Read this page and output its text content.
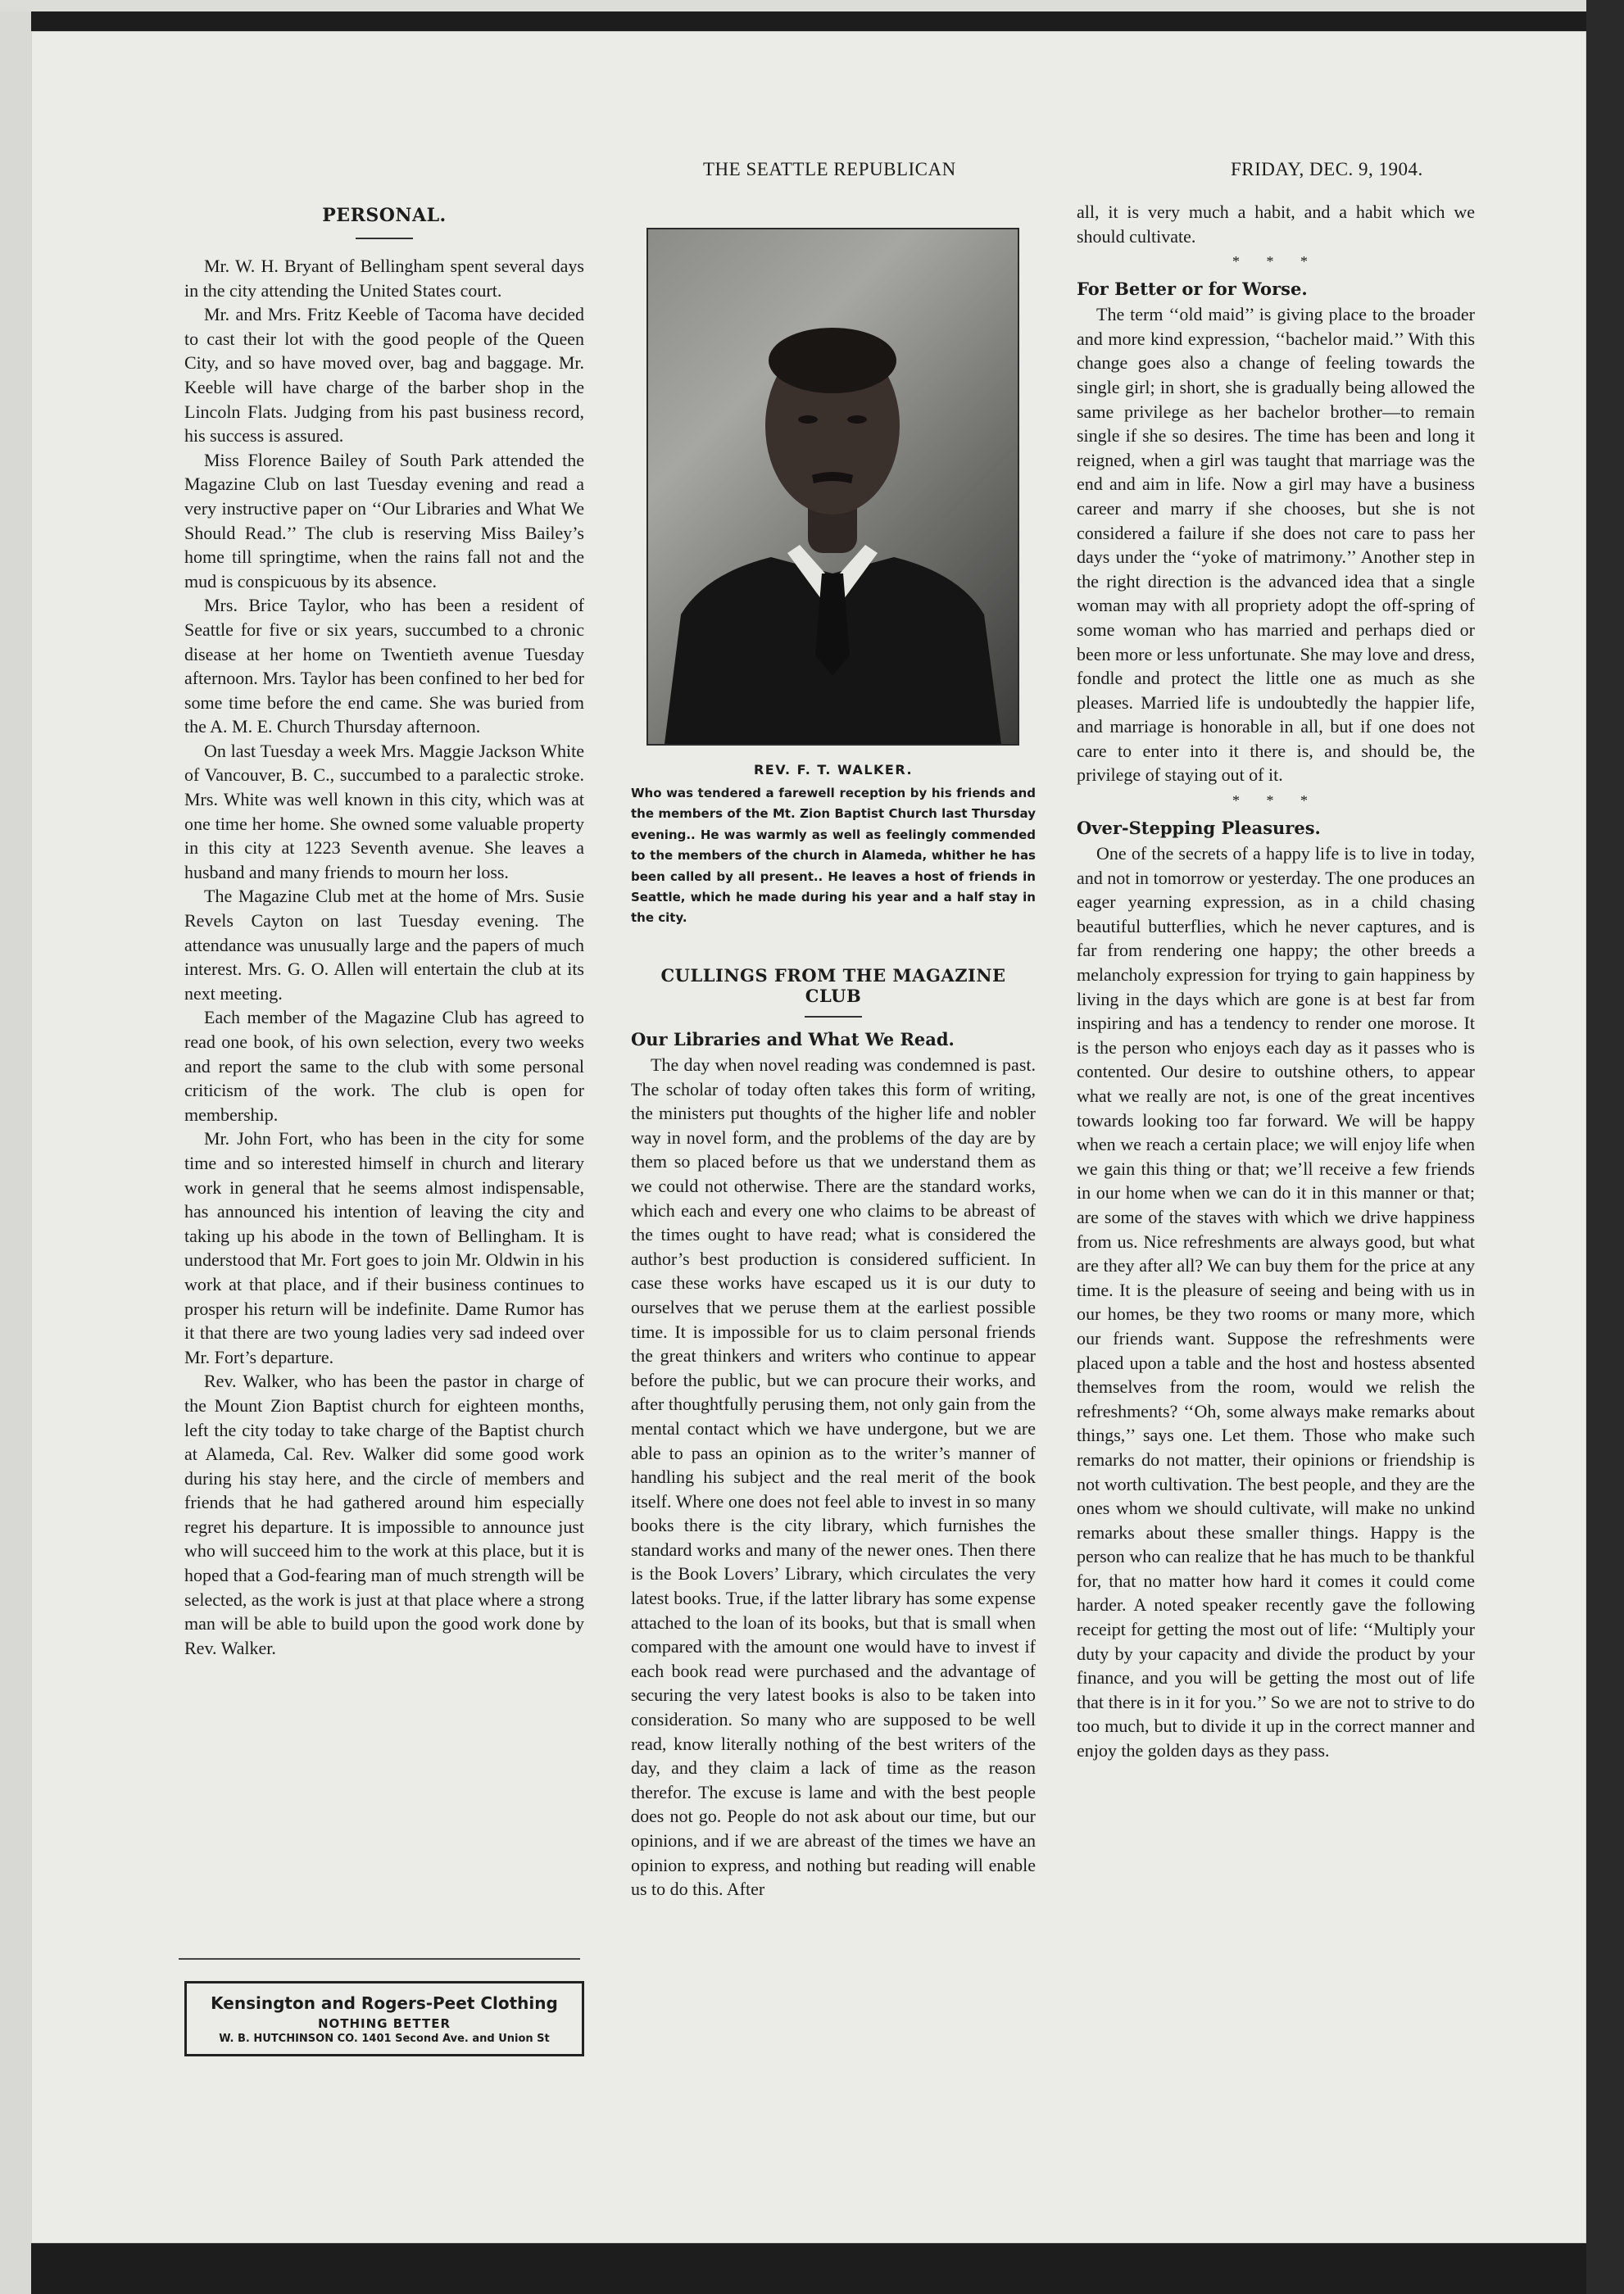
THE SEATTLE REPUBLICAN	FRIDAY, DEC. 9, 1904.
PERSONAL.

Mr. W. H. Bryant of Bellingham spent several days in the city attending the United States court.

Mr. and Mrs. Fritz Keeble of Tacoma have decided to cast their lot with the good people of the Queen City, and so have moved over, bag and baggage. Mr. Keeble will have charge of the barber shop in the Lincoln Flats. Judging from his past business record, his success is assured.

Miss Florence Bailey of South Park attended the Magazine Club on last Tuesday evening and read a very instructive paper on ‘‘Our Libraries and What We Should Read.’’ The club is reserving Miss Bailey’s home till springtime, when the rains fall not and the mud is conspicuous by its absence.

Mrs. Brice Taylor, who has been a resident of Seattle for five or six years, succumbed to a chronic disease at her home on Twentieth avenue Tuesday afternoon. Mrs. Taylor has been confined to her bed for some time before the end came. She was buried from the A. M. E. Church Thursday afternoon.

On last Tuesday a week Mrs. Maggie Jackson White of Vancouver, B. C., succumbed to a paralectic stroke. Mrs. White was well known in this city, which was at one time her home. She owned some valuable property in this city at 1223 Seventh avenue. She leaves a husband and many friends to mourn her loss.

The Magazine Club met at the home of Mrs. Susie Revels Cayton on last Tuesday evening. The attendance was unusually large and the papers of much interest. Mrs. G. O. Allen will entertain the club at its next meeting.

Each member of the Magazine Club has agreed to read one book, of his own selection, every two weeks and report the same to the club with some personal criticism of the work. The club is open for membership.

Mr. John Fort, who has been in the city for some time and so interested himself in church and literary work in general that he seems almost indispensable, has announced his intention of leaving the city and taking up his abode in the town of Bellingham. It is understood that Mr. Fort goes to join Mr. Oldwin in his work at that place, and if their business continues to prosper his return will be indefinite. Dame Rumor has it that there are two young ladies very sad indeed over Mr. Fort’s departure.

Rev. Walker, who has been the pastor in charge of the Mount Zion Baptist church for eighteen months, left the city today to take charge of the Baptist church at Alameda, Cal. Rev. Walker did some good work during his stay here, and the circle of members and friends that he had gathered around him especially regret his departure. It is impossible to announce just who will succeed him to the work at this place, but it is hoped that a God-fearing man of much strength will be selected, as the work is just at that place where a strong man will be able to build upon the good work done by Rev. Walker.

Kensington and Rogers-Peet Clothing
NOTHING BETTER
W. B. HUTCHINSON CO. 1401 Second Ave. and Union St
REV. F. T. WALKER.
Who was tendered a farewell reception by his friends and the members of the Mt. Zion Baptist Church last Thursday evening.. He was warmly as well as feelingly commended to the members of the church in Alameda, whither he has been called by all present.. He leaves a host of friends in Seattle, which he made during his year and a half stay in the city.
CULLINGS FROM THE MAGAZINE CLUB
Our Libraries and What We Read.

The day when novel reading was condemned is past. The scholar of today often takes this form of writing, the ministers put thoughts of the higher life and nobler way in novel form, and the problems of the day are by them so placed before us that we understand them as we could not otherwise. There are the standard works, which each and every one who claims to be abreast of the times ought to have read; what is considered the author’s best production is considered sufficient. In case these works have escaped us it is our duty to ourselves that we peruse them at the earliest possible time. It is impossible for us to claim personal friends the great thinkers and writers who continue to appear before the public, but we can procure their works, and after thoughtfully perusing them, not only gain from the mental contact which we have undergone, but we are able to pass an opinion as to the writer’s manner of handling his subject and the real merit of the book itself. Where one does not feel able to invest in so many books there is the city library, which furnishes the standard works and many of the newer ones. Then there is the Book Lovers’ Library, which circulates the very latest books. True, if the latter library has some expense attached to the loan of its books, but that is small when compared with the amount one would have to invest if each book read were purchased and the advantage of securing the very latest books is also to be taken into consideration. So many who are supposed to be well read, know literally nothing of the best writers of the day, and they claim a lack of time as the reason therefor. The excuse is lame and with the best people does not go. People do not ask about our time, but our opinions, and if we are abreast of the times we have an opinion to express, and nothing but reading will enable us to do this. After

all, it is very much a habit, and a habit which we should cultivate.

* * *
For Better or for Worse.

The term ‘‘old maid’’ is giving place to the broader and more kind expression, ‘‘bachelor maid.’’ With this change goes also a change of feeling towards the single girl; in short, she is gradually being allowed the same privilege as her bachelor brother—to remain single if she so desires. The time has been and long it reigned, when a girl was taught that marriage was the end and aim in life. Now a girl may have a business career and marry if she chooses, but she is not considered a failure if she does not care to pass her days under the ‘‘yoke of matrimony.’’ Another step in the right direction is the advanced idea that a single woman may with all propriety adopt the off-spring of some woman who has married and perhaps died or been more or less unfortunate. She may love and dress, fondle and protect the little one as much as she pleases. Married life is undoubtedly the happier life, and marriage is honorable in all, but if one does not care to enter into it there is, and should be, the privilege of staying out of it.

* * *
Over-Stepping Pleasures.

One of the secrets of a happy life is to live in today, and not in tomorrow or yesterday. The one produces an eager yearning expression, as in a child chasing beautiful butterflies, which he never captures, and is far from rendering one happy; the other breeds a melancholy expression for trying to gain happiness by living in the days which are gone is at best far from inspiring and has a tendency to render one morose. It is the person who enjoys each day as it passes who is contented. Our desire to outshine others, to appear what we really are not, is one of the great incentives towards looking too far forward. We will be happy when we reach a certain place; we will enjoy life when we gain this thing or that; we’ll receive a few friends in our home when we can do it in this manner or that; are some of the staves with which we drive happiness from us. Nice refreshments are always good, but what are they after all? We can buy them for the price at any time. It is the pleasure of seeing and being with us in our homes, be they two rooms or many more, which our friends want. Suppose the refreshments were placed upon a table and the host and hostess absented themselves from the room, would we relish the refreshments? ‘‘Oh, some always make remarks about things,’’ says one. Let them. Those who make such remarks do not matter, their opinions or friendship is not worth cultivation. The best people, and they are the ones whom we should cultivate, will make no unkind remarks about these smaller things. Happy is the person who can realize that he has much to be thankful for, that no matter how hard it comes it could come harder. A noted speaker recently gave the following receipt for getting the most out of life: ‘‘Multiply your duty by your capacity and divide the product by your finance, and you will be getting the most out of life that there is in it for you.’’ So we are not to strive to do too much, but to divide it up in the correct manner and enjoy the golden days as they pass.
